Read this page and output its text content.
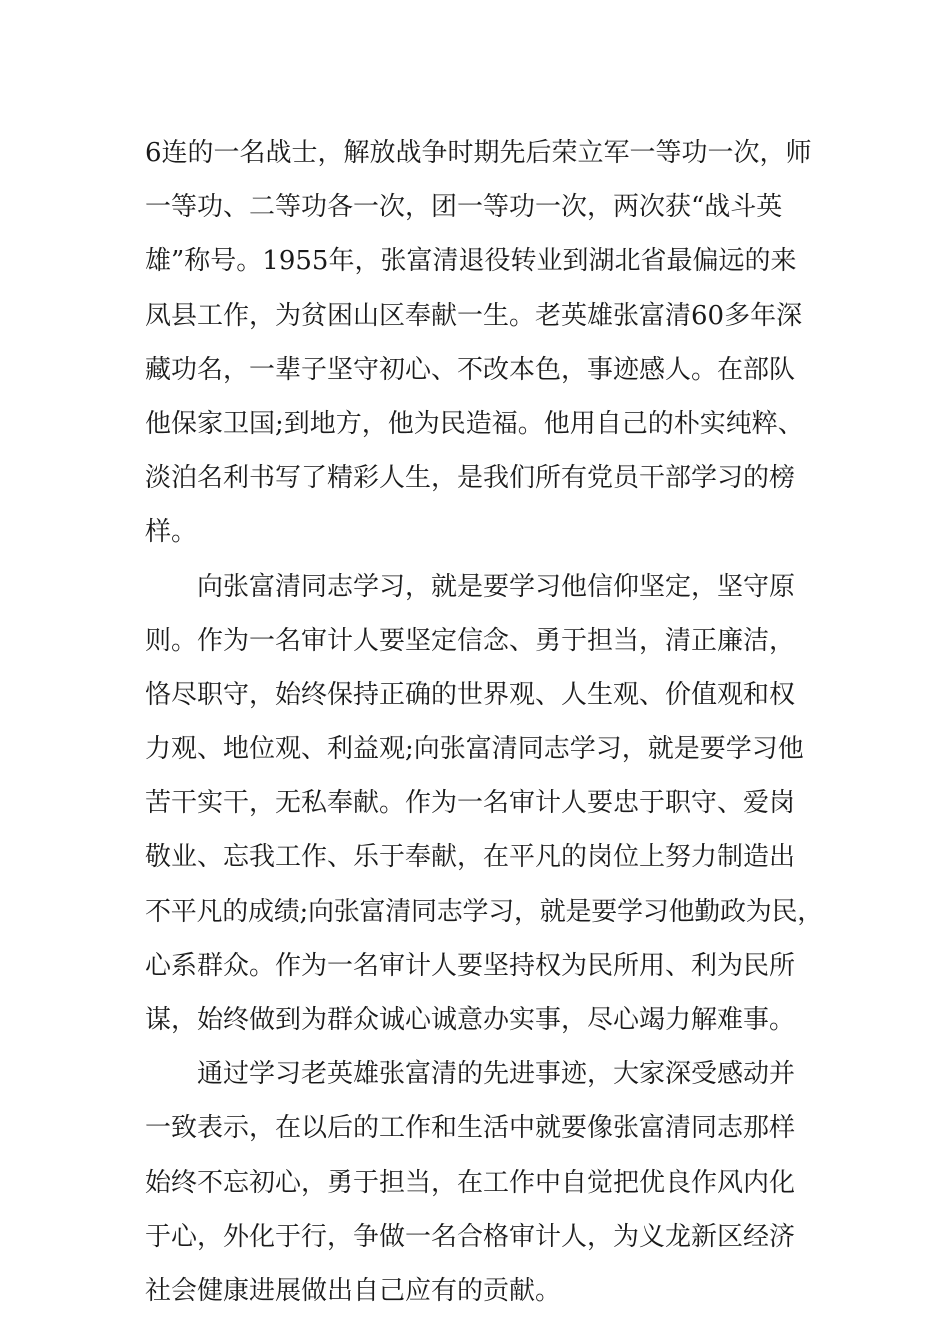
6连的一名战士，解放战争时期先后荣立军一等功一次，师
一等功、二等功各一次，团一等功一次，两次获“战斗英
雄”称号。1955年，张富清退役转业到湖北省最偏远的来
凤县工作，为贫困山区奉献一生。老英雄张富清60多年深
藏功名，一辈子坚守初心、不改本色，事迹感人。在部队
他保家卫国;到地方，他为民造福。他用自己的朴实纯粹、
淡泊名利书写了精彩人生，是我们所有党员干部学习的榜
样。
向张富清同志学习，就是要学习他信仰坚定，坚守原
则。作为一名审计人要坚定信念、勇于担当，清正廉洁，
恪尽职守，始终保持正确的世界观、人生观、价值观和权
力观、地位观、利益观;向张富清同志学习，就是要学习他
苦干实干，无私奉献。作为一名审计人要忠于职守、爱岗
敬业、忘我工作、乐于奉献，在平凡的岗位上努力制造出
不平凡的成绩;向张富清同志学习，就是要学习他勤政为民，
心系群众。作为一名审计人要坚持权为民所用、利为民所
谋，始终做到为群众诚心诚意办实事，尽心竭力解难事。
通过学习老英雄张富清的先进事迹，大家深受感动并
一致表示，在以后的工作和生活中就要像张富清同志那样
始终不忘初心，勇于担当，在工作中自觉把优良作风内化
于心，外化于行，争做一名合格审计人，为义龙新区经济
社会健康进展做出自己应有的贡献。
